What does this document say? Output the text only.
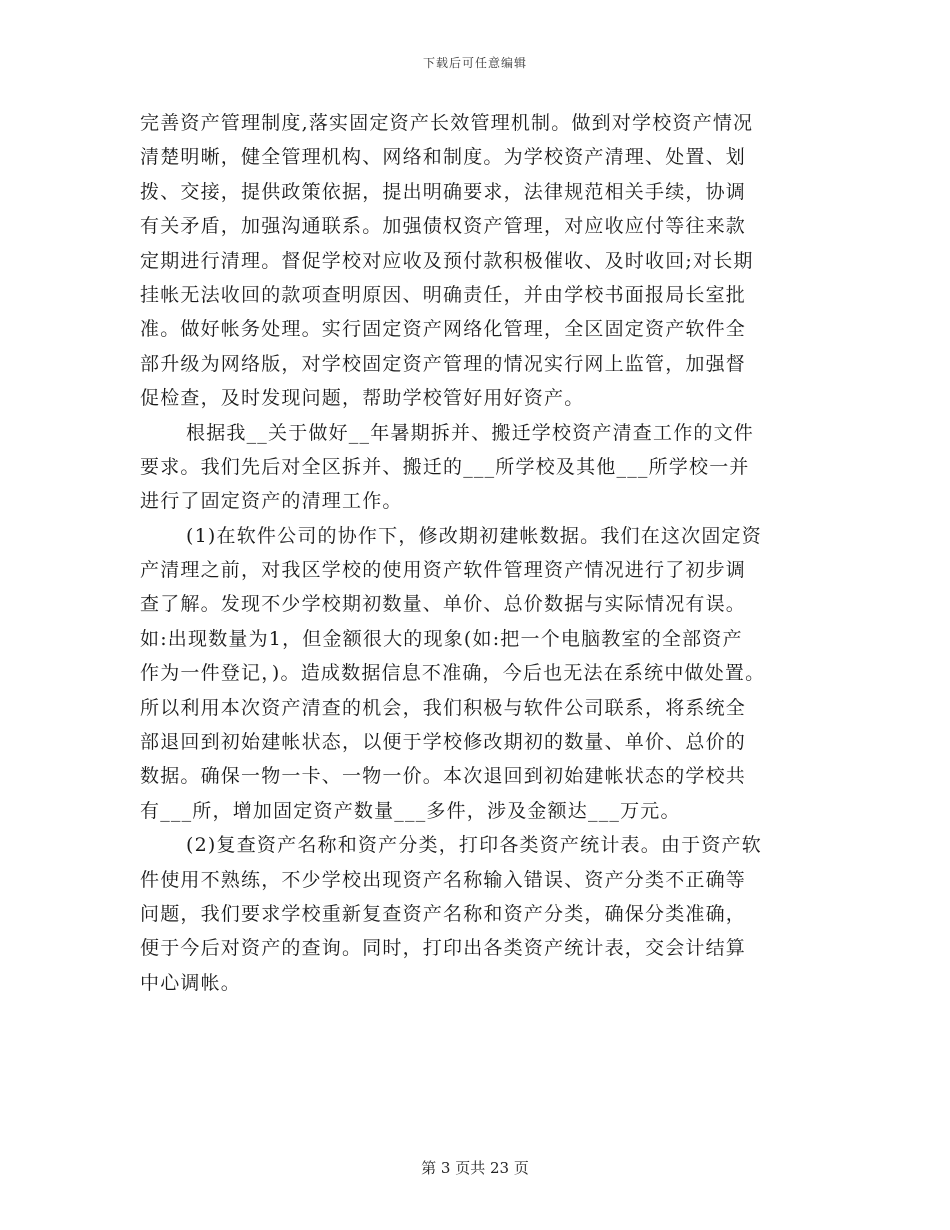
下载后可任意编辑
完善资产管理制度,落实固定资产长效管理机制。做到对学校资产情况
清楚明晰，健全管理机构、网络和制度。为学校资产清理、处置、划
拨、交接，提供政策依据，提出明确要求，法律规范相关手续，协调
有关矛盾，加强沟通联系。加强债权资产管理，对应收应付等往来款
定期进行清理。督促学校对应收及预付款积极催收、及时收回;对长期
挂帐无法收回的款项查明原因、明确责任，并由学校书面报局长室批
准。做好帐务处理。实行固定资产网络化管理，全区固定资产软件全
部升级为网络版，对学校固定资产管理的情况实行网上监管，加强督
促检查，及时发现问题，帮助学校管好用好资产。
根据我__关于做好__年暑期拆并、搬迁学校资产清查工作的文件
要求。我们先后对全区拆并、搬迁的___所学校及其他___所学校一并
进行了固定资产的清理工作。
(1)在软件公司的协作下，修改期初建帐数据。我们在这次固定资
产清理之前，对我区学校的使用资产软件管理资产情况进行了初步调
查了解。发现不少学校期初数量、单价、总价数据与实际情况有误。
如:出现数量为1，但金额很大的现象(如:把一个电脑教室的全部资产
作为一件登记，)。造成数据信息不准确，今后也无法在系统中做处置。
所以利用本次资产清查的机会，我们积极与软件公司联系，将系统全
部退回到初始建帐状态，以便于学校修改期初的数量、单价、总价的
数据。确保一物一卡、一物一价。本次退回到初始建帐状态的学校共
有___所，增加固定资产数量___多件，涉及金额达___万元。
(2)复查资产名称和资产分类，打印各类资产统计表。由于资产软
件使用不熟练，不少学校出现资产名称输入错误、资产分类不正确等
问题，我们要求学校重新复查资产名称和资产分类，确保分类准确，
便于今后对资产的查询。同时，打印出各类资产统计表，交会计结算
中心调帐。
第 3 页共 23 页
